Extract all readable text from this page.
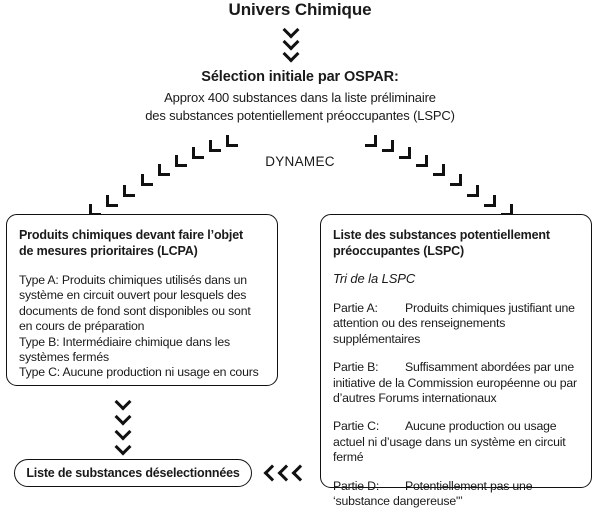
Univers Chimique
Sélection initiale par OSPAR:
Approx 400 substances dans la liste préliminaire
des substances potentiellement préoccupantes (LSPC)
DYNAMEC
Produits chimiques devant faire l’objet
de mesures prioritaires (LCPA)

Type A: Produits chimiques utilisés dans un système en circuit ouvert pour lesquels des documents de fond sont disponibles ou sont en cours de préparation

Type B: Intermédiaire chimique dans les systèmes fermés

Type C: Aucune production ni usage en cours

Liste des substances potentiellement
préoccupantes (LSPC)
Tri de la LSPC

Partie A: Produits chimiques justifiant une attention ou des renseignements supplémentaires

Partie B: Suffisamment abordées par une initiative de la Commission européenne ou par d’autres Forums internationaux

Partie C: Aucune production ou usage actuel ni d’usage dans un système en circuit fermé

Partie D: Potentiellement pas une ‘substance dangereuse"’

Liste de substances déselectionnées
